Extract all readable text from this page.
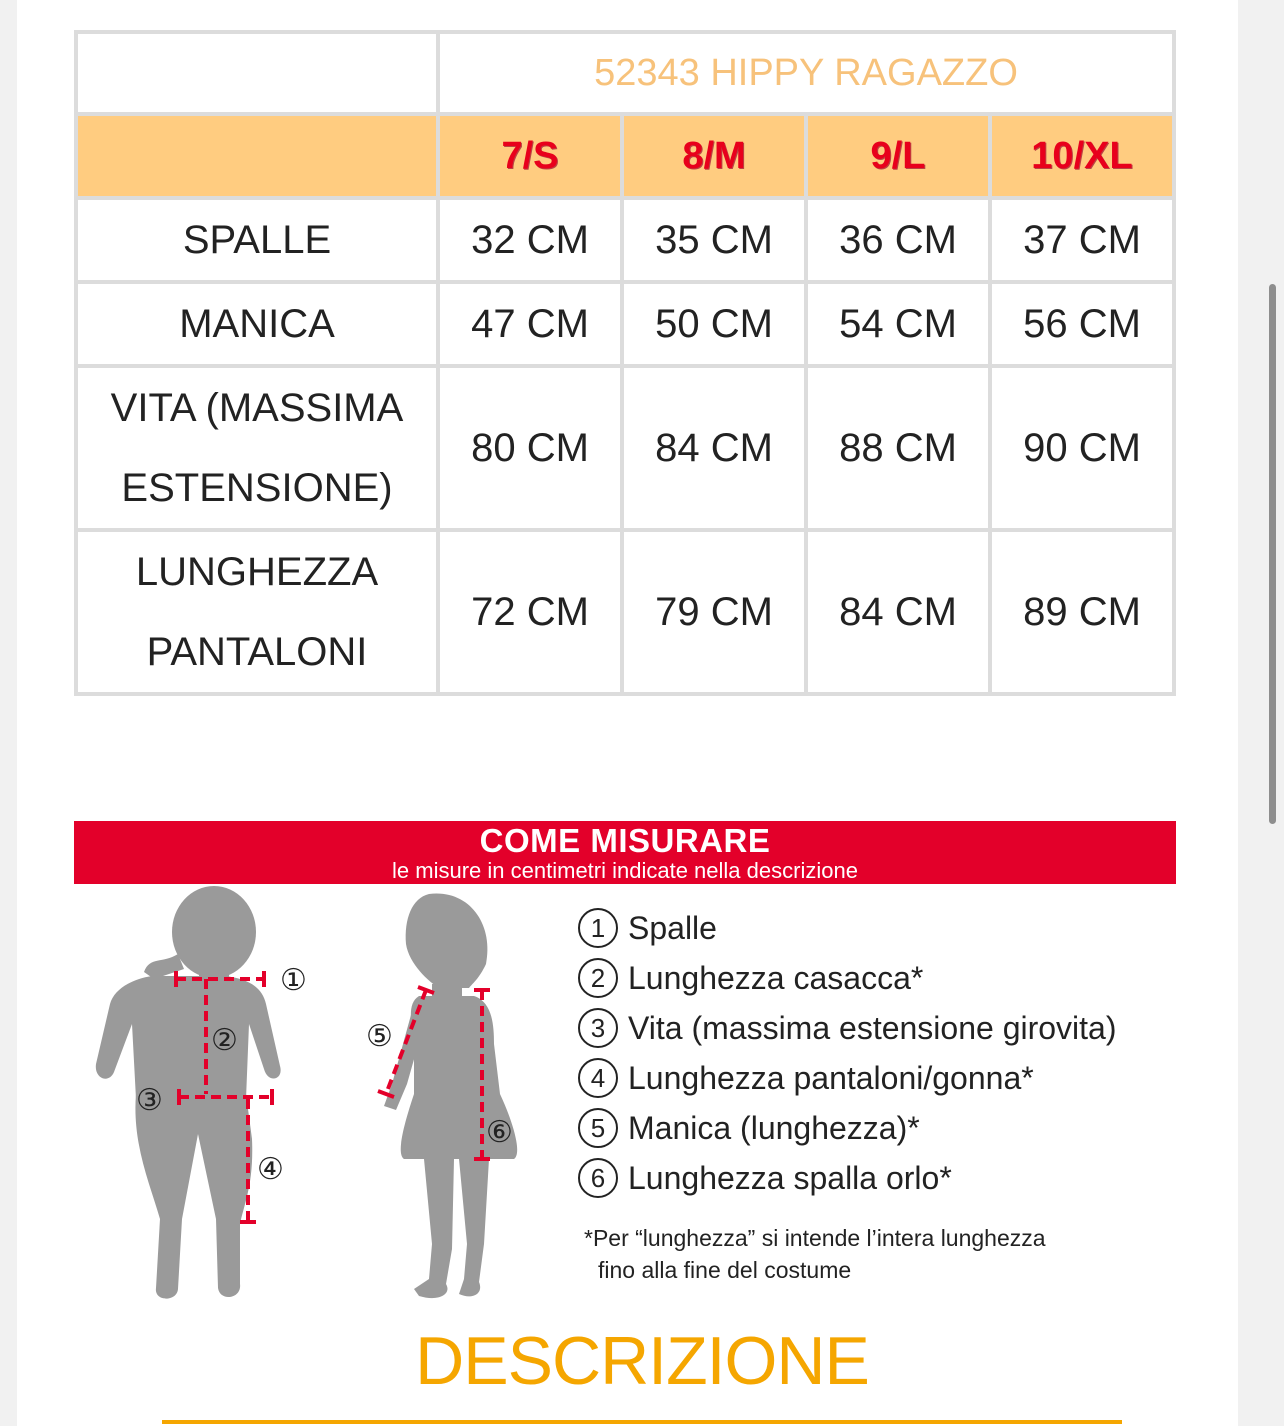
	52343 HIPPY RAGAZZO			
	7/S	8/M	9/L	10/XL
SPALLE	32 CM	35 CM	36 CM	37 CM
MANICA	47 CM	50 CM	54 CM	56 CM
VITA (MASSIMA
ESTENSIONE)	80 CM	84 CM	88 CM	90 CM
LUNGHEZZA
PANTALONI	72 CM	79 CM	84 CM	89 CM
COME MISURARE
le misure in centimetri indicate nella descrizione
①
②
③
④
⑤
⑥
1 Spalle
2 Lunghezza casacca*
3 Vita (massima estensione girovita)
4 Lunghezza pantaloni/gonna*
5 Manica (lunghezza)*
6 Lunghezza spalla orlo*
*Per “lunghezza” si intende l’intera lunghezza
fino alla fine del costume
DESCRIZIONE
